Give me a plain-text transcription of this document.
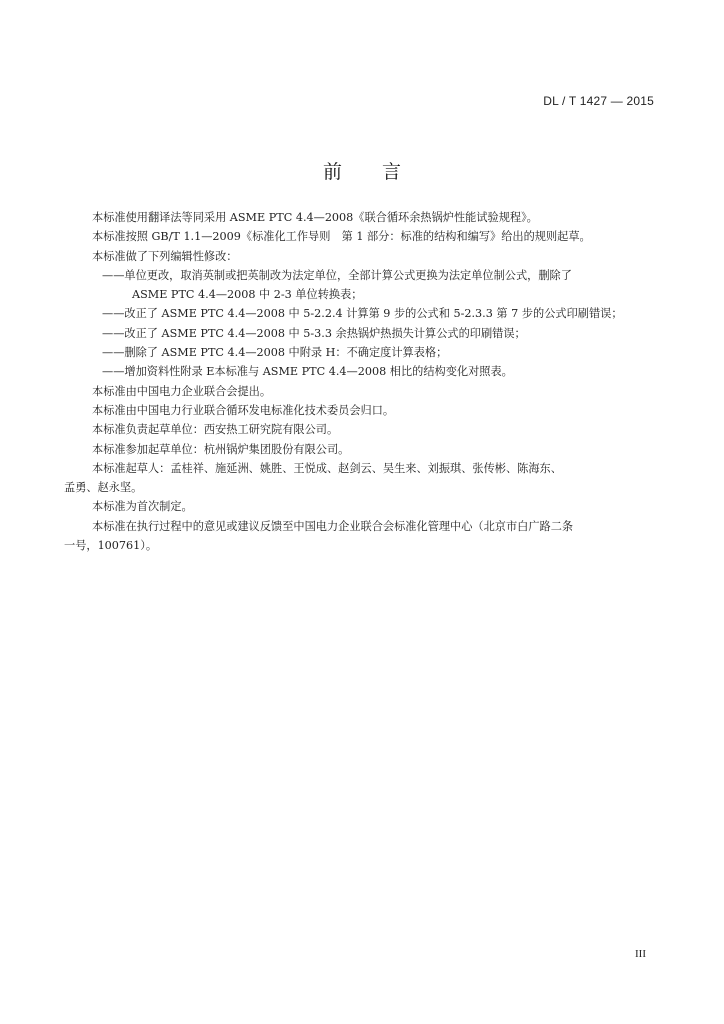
DL / T 1427 — 2015
前言
本标准使用翻译法等同采用 ASME PTC 4.4—2008《联合循环余热锅炉性能试验规程》。
本标准按照 GB/T 1.1—2009《标准化工作导则　第 1 部分：标准的结构和编写》给出的规则起草。
本标准做了下列编辑性修改：
——单位更改，取消英制或把英制改为法定单位，全部计算公式更换为法定单位制公式，删除了
ASME PTC 4.4—2008 中 2-3 单位转换表；
——改正了 ASME PTC 4.4—2008 中 5-2.2.4 计算第 9 步的公式和 5-2.3.3 第 7 步的公式印刷错误；
——改正了 ASME PTC 4.4—2008 中 5-3.3 余热锅炉热损失计算公式的印刷错误；
——删除了 ASME PTC 4.4—2008 中附录 H：不确定度计算表格；
——增加资料性附录 E本标准与 ASME PTC 4.4—2008 相比的结构变化对照表。
本标准由中国电力企业联合会提出。
本标准由中国电力行业联合循环发电标准化技术委员会归口。
本标准负责起草单位：西安热工研究院有限公司。
本标准参加起草单位：杭州锅炉集团股份有限公司。
本标准起草人：孟桂祥、施延洲、姚胜、王悦成、赵剑云、吴生来、刘振琪、张传彬、陈海东、
孟勇、赵永坚。
本标准为首次制定。
本标准在执行过程中的意见或建议反馈至中国电力企业联合会标准化管理中心（北京市白广路二条
一号，100761）。
III
